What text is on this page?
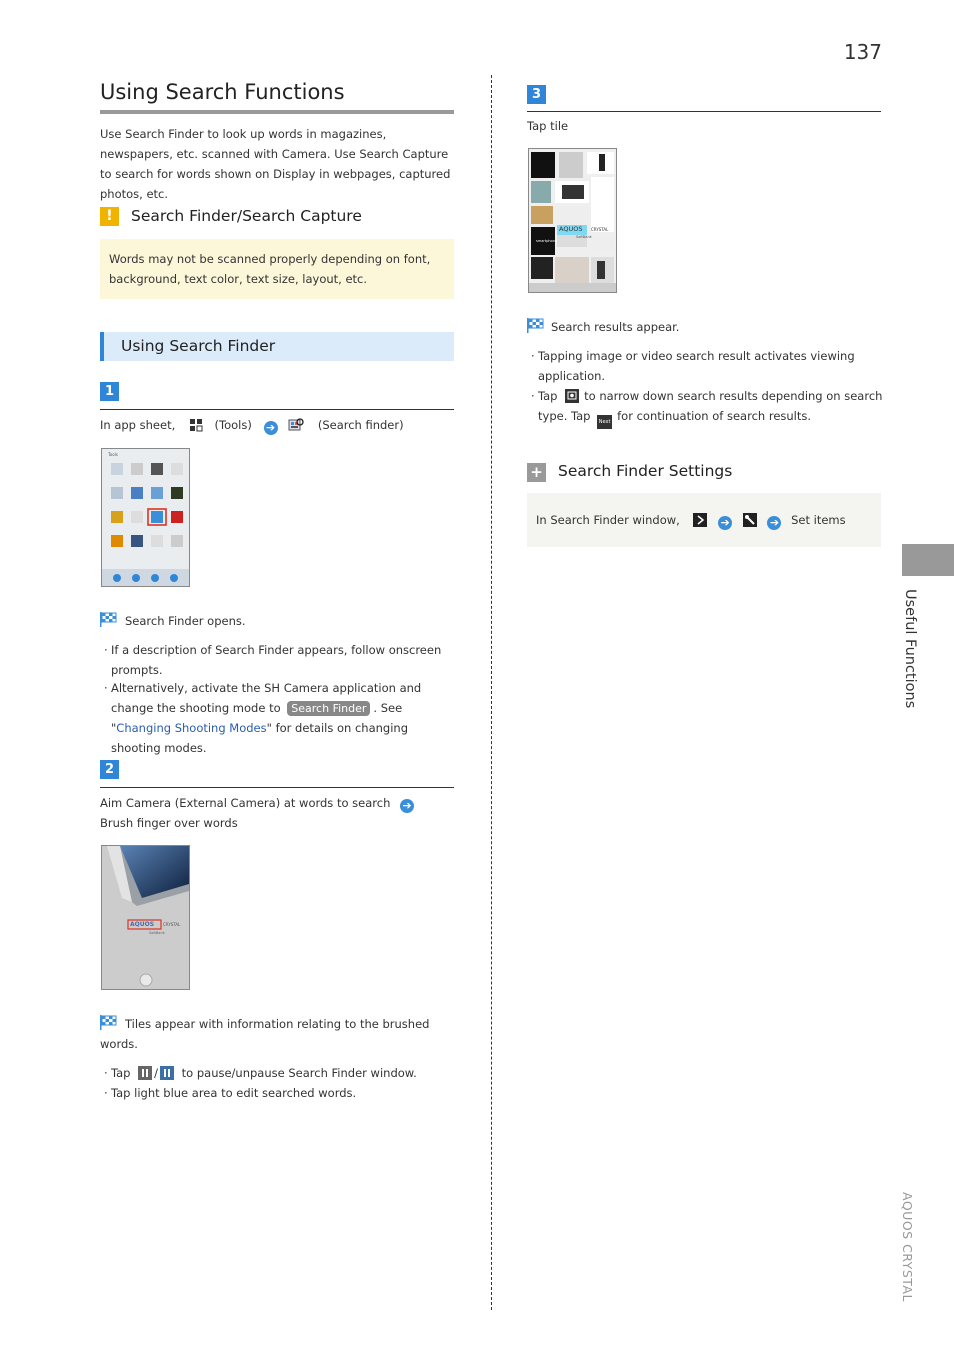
137
Using Search Functions
Use Search Finder to look up words in magazines, newspapers, etc. scanned with Camera. Use Search Capture to search for words shown on Display in webpages, captured photos, etc.
!	Search Finder/Search Capture
Words may not be scanned properly depending on font, background, text color, text size, layout, etc.
Using Search Finder
1
In app sheet,	(Tools) ➔	(Search finder)
Tools
Search Finder opens.
· If a description of Search Finder appears, follow onscreen prompts.
· Alternatively, activate the SH Camera application and change the shooting mode to Search Finder . See "Changing Shooting Modes" for details on changing shooting modes.
2
Aim Camera (External Camera) at words to search ➔ Brush finger over words
AQUOS CRYSTAL
SoftBank
Tiles appear with information relating to the brushed words.
· Tap / to pause/unpause Search Finder window.
· Tap light blue area to edit searched words.
3
Tap tile
AQUOS CRYSTAL
SoftBank
smartphone
Search results appear.
· Tapping image or video search result activates viewing application.
· Tap to narrow down search results depending on search type. Tap Next for continuation of search results.
+ Search Finder Settings
In Search Finder window,	➔	➔ Set items
Useful Functions
AQUOS CRYSTAL
